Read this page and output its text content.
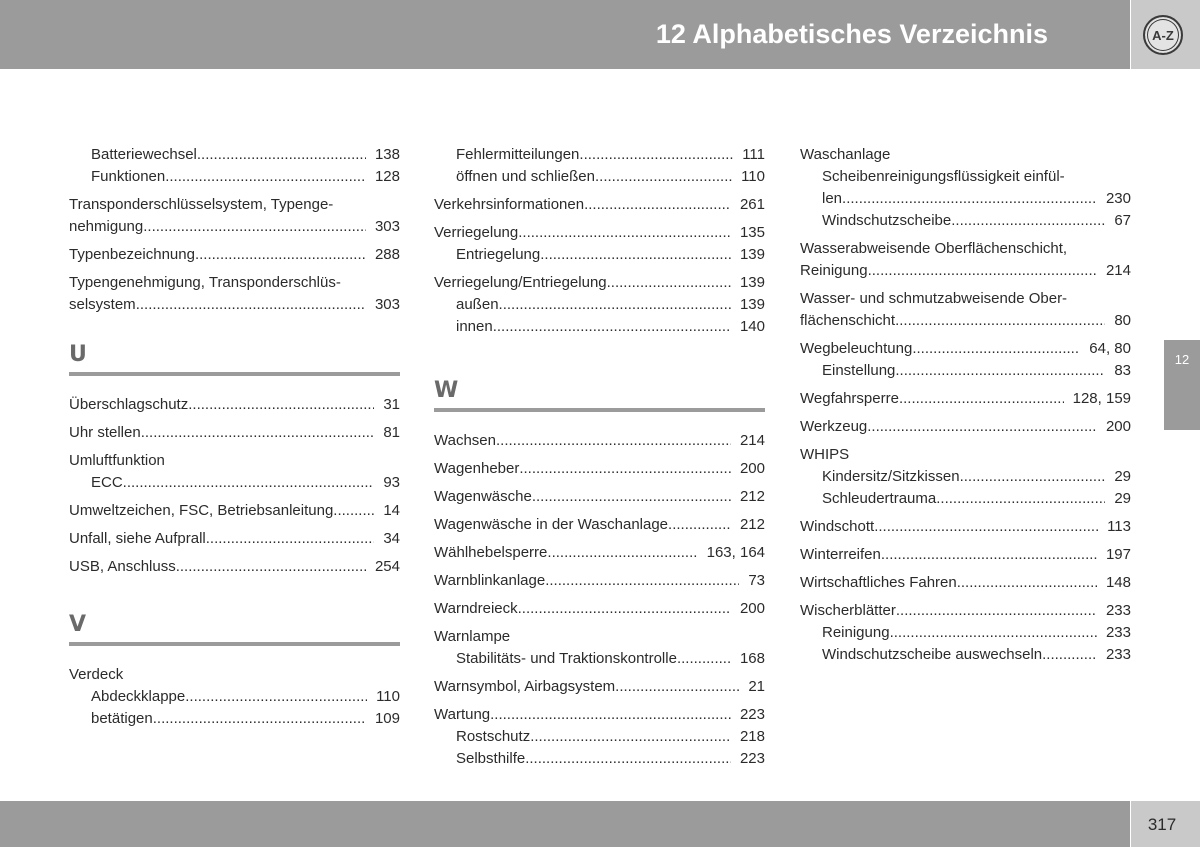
12 Alphabetisches Verzeichnis	A-Z
12
Batteriewechsel .....	138
Funktionen .....	128
Transponderschlüsselsystem, Typenge-
nehmigung .....	303
Typenbezeichnung .....	288
Typengenehmigung, Transponderschlüs-
selsystem .....	303
U
Überschlagschutz .....	31
Uhr stellen .....	81
Umluftfunktion
ECC .....	93
Umweltzeichen, FSC, Betriebsanleitung .....	14
Unfall, siehe Aufprall .....	34
USB, Anschluss .....	254
V
Verdeck
Abdeckklappe .....	110
betätigen .....	109
Fehlermitteilungen .....	111
öffnen und schließen .....	110
Verkehrsinformationen .....	261
Verriegelung .....	135
Entriegelung .....	139
Verriegelung/Entriegelung .....	139
außen .....	139
innen .....	140
W
Wachsen .....	214
Wagenheber .....	200
Wagenwäsche .....	212
Wagenwäsche in der Waschanlage .....	212
Wählhebelsperre .....	163, 164
Warnblinkanlage .....	73
Warndreieck .....	200
Warnlampe
Stabilitäts- und Traktionskontrolle .....	168
Warnsymbol, Airbagsystem .....	21
Wartung .....	223
Rostschutz .....	218
Selbsthilfe .....	223
Waschanlage
Scheibenreinigungsflüssigkeit einfül-
len. .....	230
Windschutzscheibe .....	67
Wasserabweisende Oberflächenschicht,
Reinigung .....	214
Wasser- und schmutzabweisende Ober-
flächenschicht .....	80
Wegbeleuchtung .....	64, 80
Einstellung .....	83
Wegfahrsperre .....	128, 159
Werkzeug .....	200
WHIPS
Kindersitz/Sitzkissen .....	29
Schleudertrauma .....	29
Windschott .....	113
Winterreifen .....	197
Wirtschaftliches Fahren .....	148
Wischerblätter .....	233
Reinigung .....	233
Windschutzscheibe auswechseln .....	233
317
